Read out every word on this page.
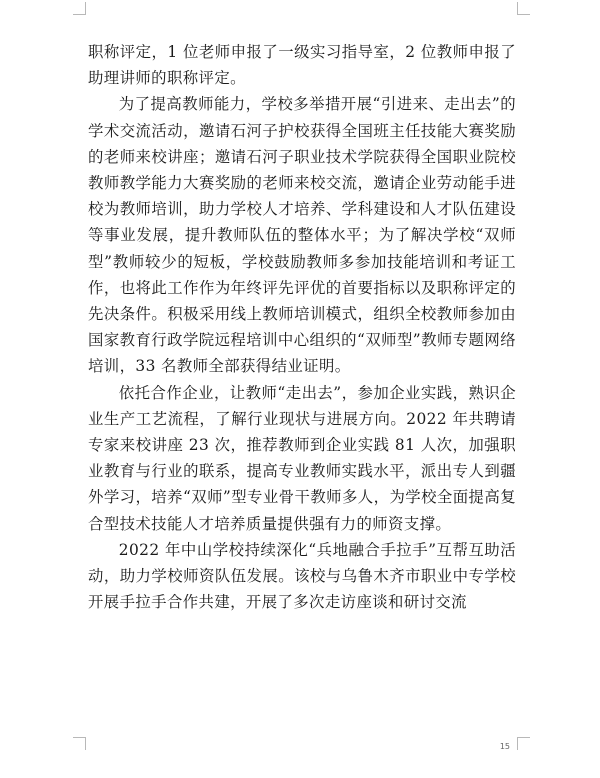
职称评定，1 位老师申报了一级实习指导室，2 位教师申报了助理讲师的职称评定。

为了提高教师能力，学校多举措开展“引进来、走出去”的学术交流活动，邀请石河子护校获得全国班主任技能大赛奖励的老师来校讲座；邀请石河子职业技术学院获得全国职业院校教师教学能力大赛奖励的老师来校交流，邀请企业劳动能手进校为教师培训，助力学校人才培养、学科建设和人才队伍建设等事业发展，提升教师队伍的整体水平；为了解决学校“双师型”教师较少的短板，学校鼓励教师多参加技能培训和考证工作，也将此工作作为年终评先评优的首要指标以及职称评定的先决条件。积极采用线上教师培训模式，组织全校教师参加由国家教育行政学院远程培训中心组织的“双师型”教师专题网络培训，33 名教师全部获得结业证明。

依托合作企业，让教师“走出去”，参加企业实践，熟识企业生产工艺流程，了解行业现状与进展方向。2022 年共聘请专家来校讲座 23 次，推荐教师到企业实践 81 人次，加强职业教育与行业的联系，提高专业教师实践水平，派出专人到疆外学习，培养“双师”型专业骨干教师多人，为学校全面提高复合型技术技能人才培养质量提供强有力的师资支撑。

2022 年中山学校持续深化“兵地融合手拉手”互帮互助活动，助力学校师资队伍发展。该校与乌鲁木齐市职业中专学校开展手拉手合作共建，开展了多次走访座谈和研讨交流

15
